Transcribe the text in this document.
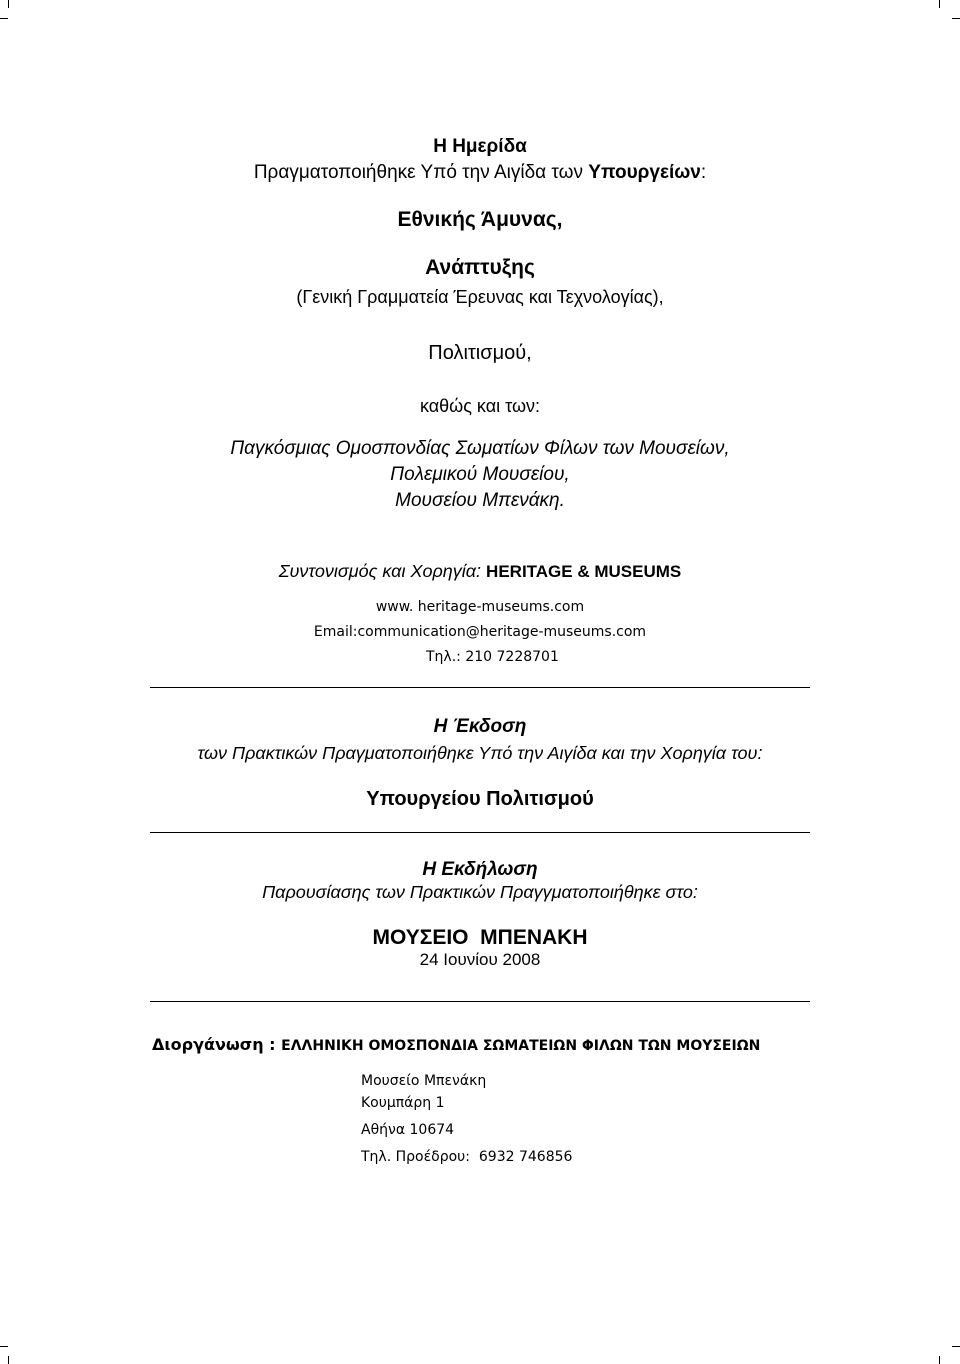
Η Ημερίδα
Πραγματοποιήθηκε Υπό την Αιγίδα των Υπουργείων:
Εθνικής Άμυνας,
Ανάπτυξης
(Γενική Γραμματεία Έρευνας και Τεχνολογίας),
Πολιτισμού,
καθώς και των:
Παγκόσμιας Ομοσπονδίας Σωματίων Φίλων των Μουσείων,
Πολεμικού Μουσείου,
Μουσείου Μπενάκη.
Συντονισμός και Χορηγία: HERITAGE & MUSEUMS
www. heritage-museums.com
Email:communication@heritage-museums.com
Τηλ.: 210 7228701
Η Έκδοση
των Πρακτικών Πραγματοποιήθηκε Υπό την Αιγίδα και την Χορηγία του:
Υπουργείου Πολιτισμού
Η Εκδήλωση
Παρουσίασης των Πρακτικών Πραγγματοποιήθηκε στο:
ΜΟΥΣΕΙΟ  ΜΠΕΝΑΚΗ
24 Ιουνίου 2008
Διοργάνωση : ΕΛΛΗΝΙΚΗ ΟΜΟΣΠΟΝΔΙΑ ΣΩΜΑΤΕΙΩΝ ΦΙΛΩΝ ΤΩΝ ΜΟΥΣΕΙΩΝ
Μουσείο Μπενάκη
Κουμπάρη 1
Αθήνα 10674
Τηλ. Προέδρου:  6932 746856
